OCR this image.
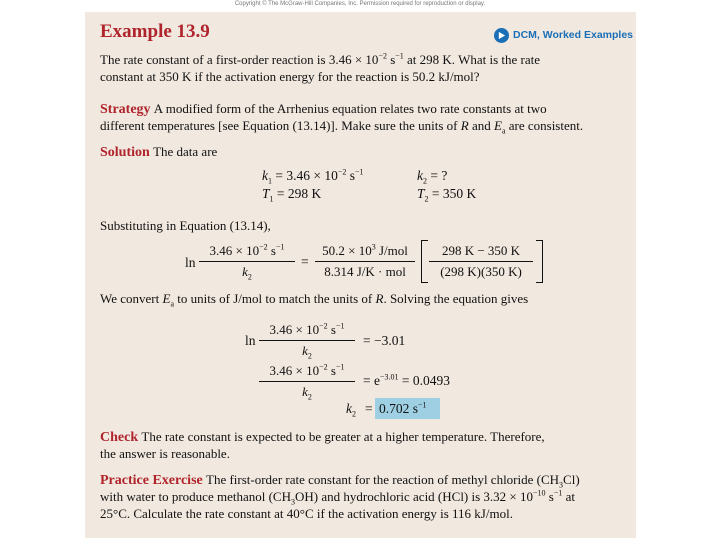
Copyright © The McGraw-Hill Companies, Inc. Permission required for reproduction or display.
Example 13.9	DCM, Worked Examples
The rate constant of a first-order reaction is $3.46 \times 10^{-2}$ $s^{-1}$ at 298 K. What is the rate
constant at 350 K if the activation energy for the reaction is 50.2 kJ/mol?
Strategy A modified form of the Arrhenius equation relates two rate constants at two
different temperatures [see Equation (13.14)]. Make sure the units of R and $E_a$ are consistent.
Solution The data are
$k_1 = 3.46 \times 10^{-2}$ $s^{-1}$	$k_2$ = ?
$T_1 = 298$ K	$T_2 = 350$ K
Substituting in Equation (13.14),
ln
$3.46 \times 10^{-2}$ $s^{-1}$
$k_2$
=
$50.2 \times 10^3$ J/mol
8.314 J/K · mol
298 K − 350 K
(298 K)(350 K)
We convert $E_a$ to units of J/mol to match the units of R. Solving the equation gives
ln
$3.46 \times 10^{-2}$ $s^{-1}$
$k_2$
= −3.01
$3.46 \times 10^{-2}$ $s^{-1}$
$k_2$
= $e^{-3.01} = 0.0493$
$k_2 = 0.702$ $s^{-1}$
Check The rate constant is expected to be greater at a higher temperature. Therefore,
the answer is reasonable.
Practice Exercise The first-order rate constant for the reaction of methyl chloride $(CH_3Cl)$
with water to produce methanol $(CH_3OH)$ and hydrochloric acid (HCl) is $3.32 \times 10^{-10}$ $s^{-1}$ at
25°C. Calculate the rate constant at 40°C if the activation energy is 116 kJ/mol.
